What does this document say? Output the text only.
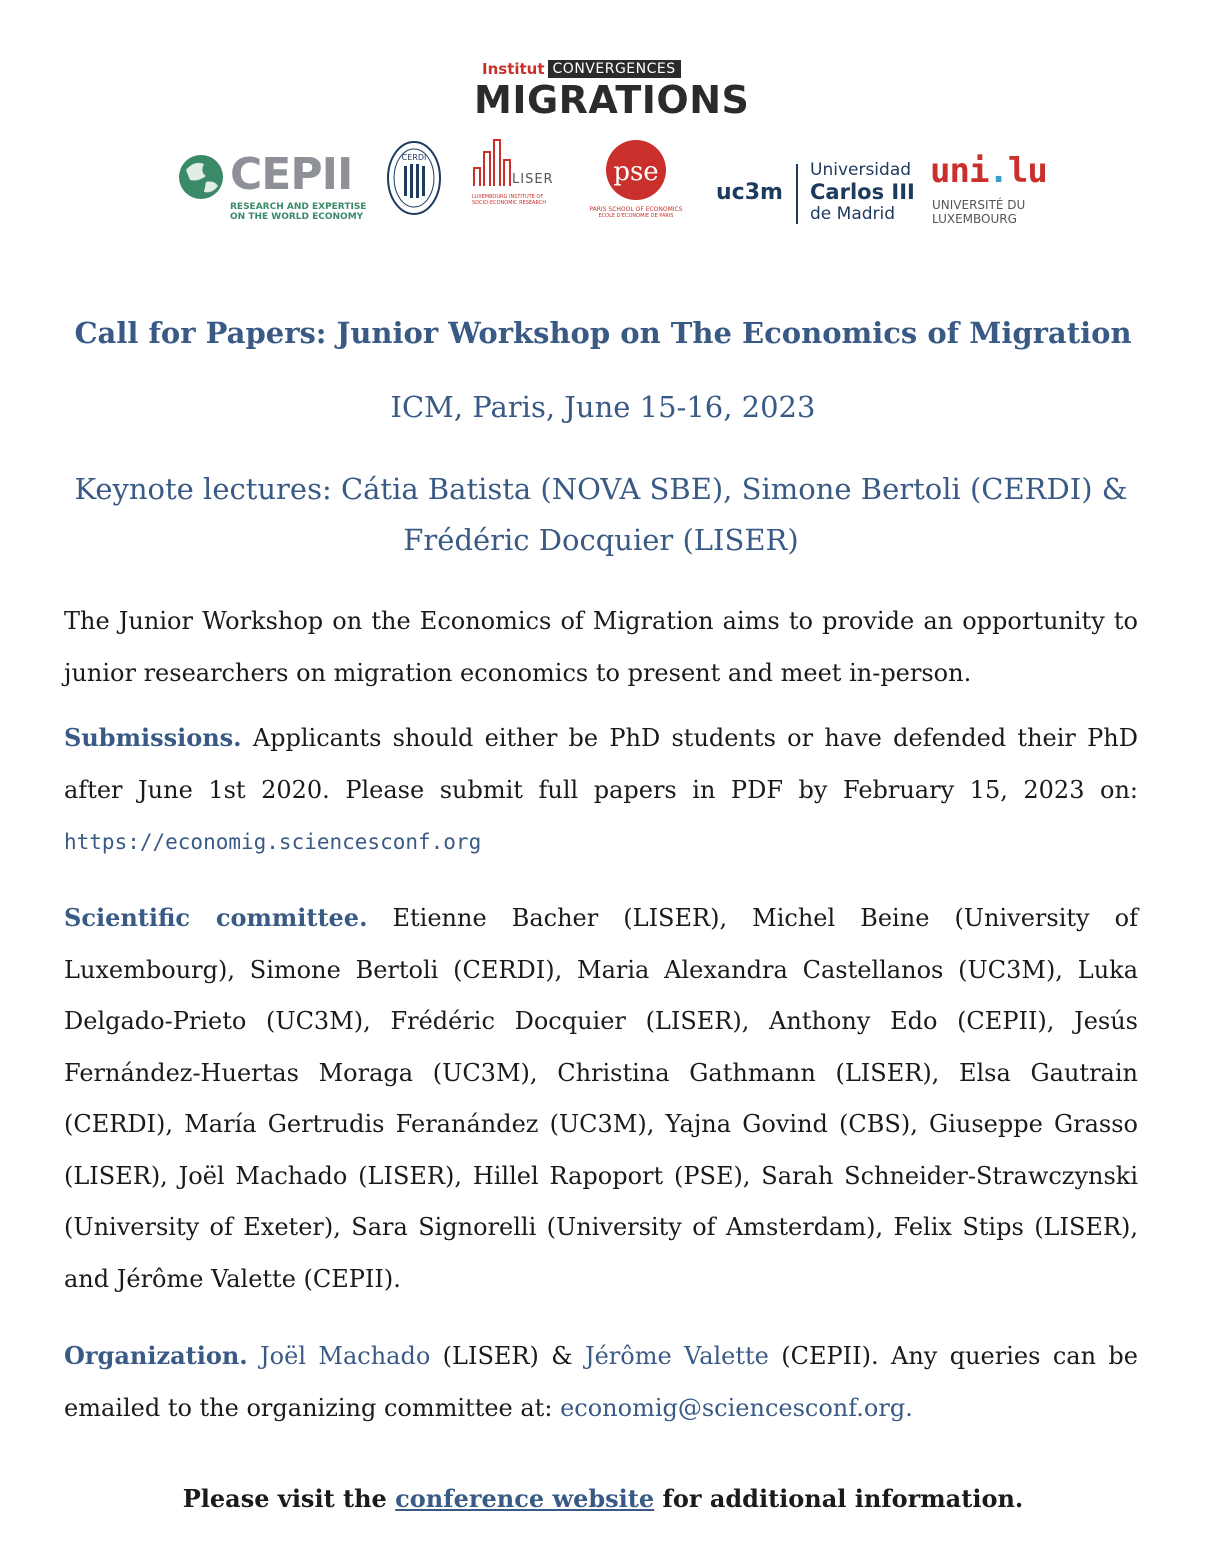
Institut CONVERGENCES
MIGRATIONS
CEPII
RESEARCH AND EXPERTISE
ON THE WORLD ECONOMY
CERDI
LISER
LUXEMBOURG INSTITUTE OF SOCIO-ECONOMIC RESEARCH
pse
PARIS SCHOOL OF ECONOMICS
ECOLE D'ECONOMIE DE PARIS
uc3m
Universidad
Carlos III
de Madrid
uni.lu
UNIVERSITÉ DU
LUXEMBOURG
Call for Papers: Junior Workshop on The Economics of Migration
ICM, Paris, June 15-16, 2023
Keynote lectures: Cátia Batista (NOVA SBE), Simone Bertoli (CERDI) & Frédéric Docquier (LISER)
The Junior Workshop on the Economics of Migration aims to provide an opportunity to junior researchers on migration economics to present and meet in-person.
Submissions. Applicants should either be PhD students or have defended their PhD after June 1st 2020. Please submit full papers in PDF by February 15, 2023 on: https://economig.sciencesconf.org
Scientific committee. Etienne Bacher (LISER), Michel Beine (University of Luxembourg), Simone Bertoli (CERDI), Maria Alexandra Castellanos (UC3M), Luka Delgado-Prieto (UC3M), Frédéric Docquier (LISER), Anthony Edo (CEPII), Jesús Fernández-Huertas Moraga (UC3M), Christina Gathmann (LISER), Elsa Gautrain (CERDI), María Gertrudis Feranández (UC3M), Yajna Govind (CBS), Giuseppe Grasso (LISER), Joël Machado (LISER), Hillel Rapoport (PSE), Sarah Schneider-Strawczynski (University of Exeter), Sara Signorelli (University of Amsterdam), Felix Stips (LISER), and Jérôme Valette (CEPII).
Organization. Joël Machado (LISER) & Jérôme Valette (CEPII). Any queries can be emailed to the organizing committee at: economig@sciencesconf.org.
Please visit the conference website for additional information.
